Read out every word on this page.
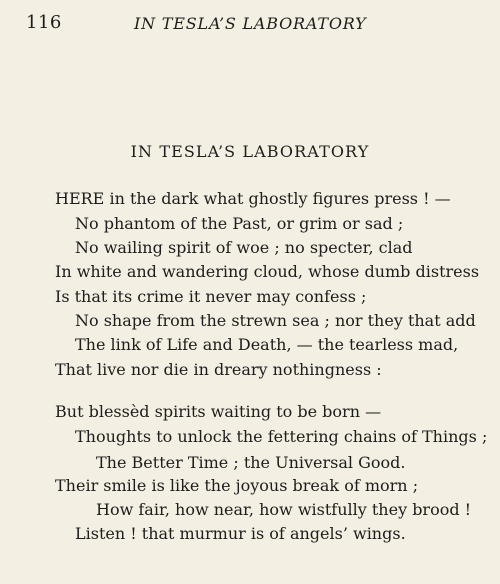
116	IN TESLA’S LABORATORY
IN TESLA’S LABORATORY
HERE in the dark what ghostly figures press ! —
No phantom of the Past, or grim or sad ;
No wailing spirit of woe ; no specter, clad
In white and wandering cloud, whose dumb distress
Is that its crime it never may confess ;
No shape from the strewn sea ; nor they that add
The link of Life and Death, — the tearless mad,
That live nor die in dreary nothingness :
But blessèd spirits waiting to be born —
Thoughts to unlock the fettering chains of Things ;
The Better Time ; the Universal Good.
Their smile is like the joyous break of morn ;
How fair, how near, how wistfully they brood !
Listen ! that murmur is of angels’ wings.
